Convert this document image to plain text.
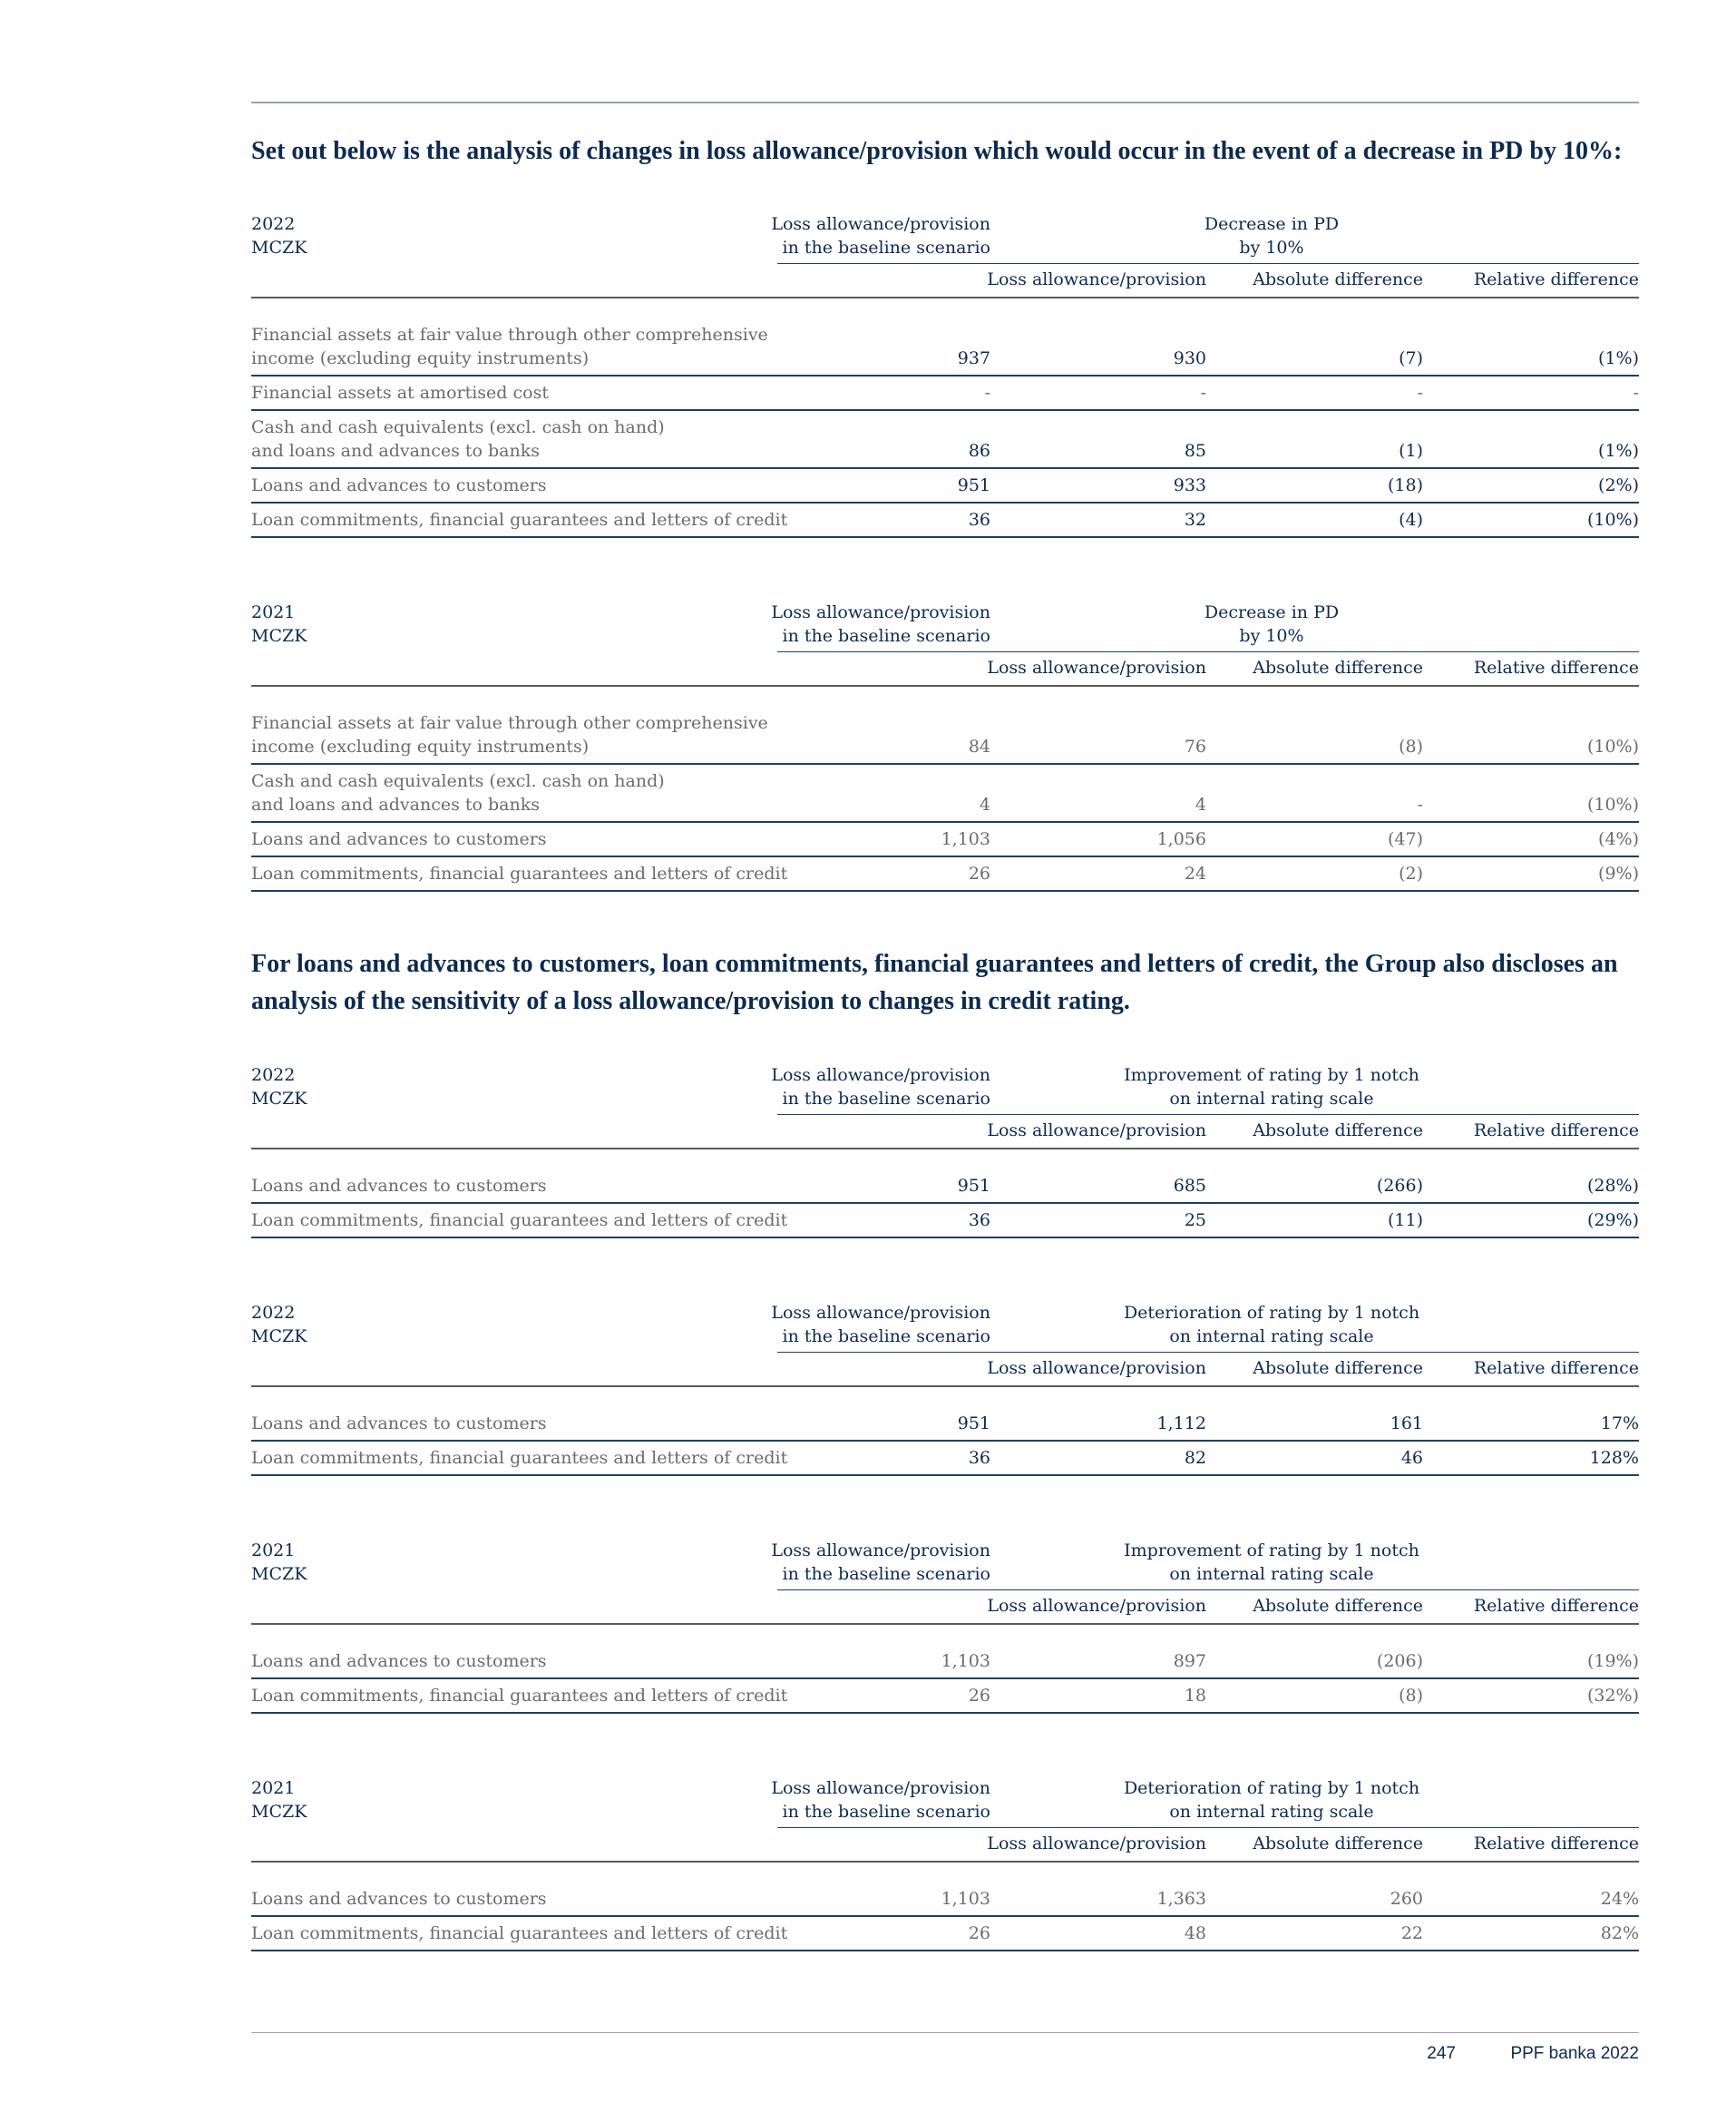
Set out below is the analysis of changes in loss allowance/provision which would occur in the event of a decrease in PD by 10%:
2022
MCZK
Loss allowance/provision
in the baseline scenario
Decrease in PD
by 10%
Loss allowance/provision	Absolute difference	Relative difference
Financial assets at fair value through other comprehensive
income (excluding equity instruments)	937	930	(7)	(1%)
Financial assets at amortised cost	-	-	-	-
Cash and cash equivalents (excl. cash on hand)
and loans and advances to banks	86	85	(1)	(1%)
Loans and advances to customers	951	933	(18)	(2%)
Loan commitments, financial guarantees and letters of credit	36	32	(4)	(10%)
2021
MCZK
Loss allowance/provision
in the baseline scenario
Decrease in PD
by 10%
Loss allowance/provision	Absolute difference	Relative difference
Financial assets at fair value through other comprehensive
income (excluding equity instruments)	84	76	(8)	(10%)
Cash and cash equivalents (excl. cash on hand)
and loans and advances to banks	4	4	-	(10%)
Loans and advances to customers	1,103	1,056	(47)	(4%)
Loan commitments, financial guarantees and letters of credit	26	24	(2)	(9%)
For loans and advances to customers, loan commitments, financial guarantees and letters of credit, the Group also discloses an analysis of the sensitivity of a loss allowance/provision to changes in credit rating.
2022
MCZK
Loss allowance/provision
in the baseline scenario
Improvement of rating by 1 notch
on internal rating scale
Loss allowance/provision	Absolute difference	Relative difference
Loans and advances to customers	951	685	(266)	(28%)
Loan commitments, financial guarantees and letters of credit	36	25	(11)	(29%)
2022
MCZK
Loss allowance/provision
in the baseline scenario
Deterioration of rating by 1 notch
on internal rating scale
Loss allowance/provision	Absolute difference	Relative difference
Loans and advances to customers	951	1,112	161	17%
Loan commitments, financial guarantees and letters of credit	36	82	46	128%
2021
MCZK
Loss allowance/provision
in the baseline scenario
Improvement of rating by 1 notch
on internal rating scale
Loss allowance/provision	Absolute difference	Relative difference
Loans and advances to customers	1,103	897	(206)	(19%)
Loan commitments, financial guarantees and letters of credit	26	18	(8)	(32%)
2021
MCZK
Loss allowance/provision
in the baseline scenario
Deterioration of rating by 1 notch
on internal rating scale
Loss allowance/provision	Absolute difference	Relative difference
Loans and advances to customers	1,103	1,363	260	24%
Loan commitments, financial guarantees and letters of credit	26	48	22	82%
247	PPF banka 2022
